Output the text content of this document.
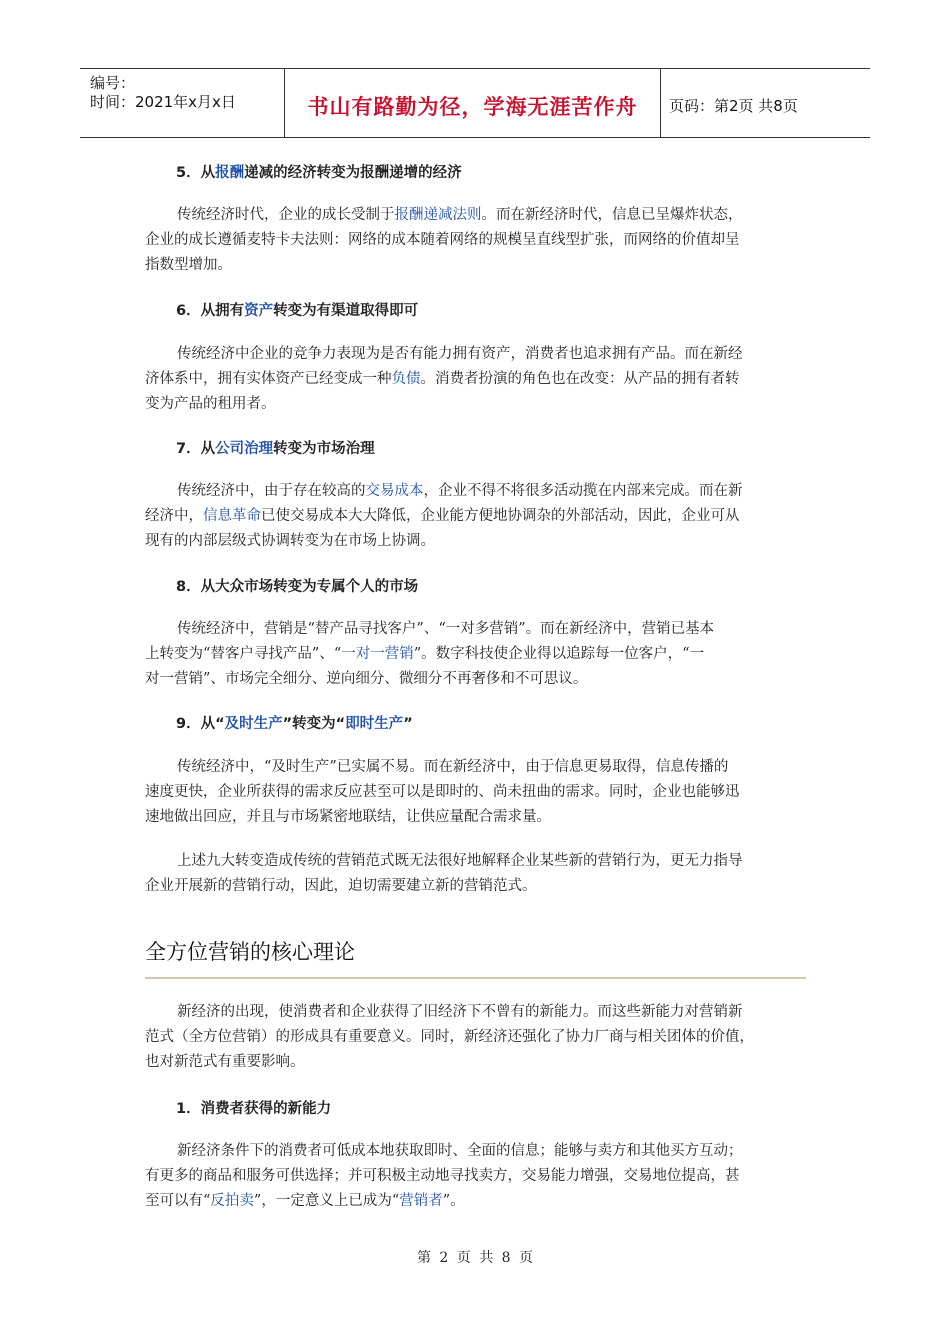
编号：
时间：2021年x月x日	书山有路勤为径，学海无涯苦作舟	页码：第2页 共8页
5．从报酬递减的经济转变为报酬递增的经济
传统经济时代，企业的成长受制于报酬递减法则。而在新经济时代，信息已呈爆炸状态，
企业的成长遵循麦特卡夫法则：网络的成本随着网络的规模呈直线型扩张，而网络的价值却呈
指数型增加。
6．从拥有资产转变为有渠道取得即可
传统经济中企业的竞争力表现为是否有能力拥有资产，消费者也追求拥有产品。而在新经
济体系中，拥有实体资产已经变成一种负债。消费者扮演的角色也在改变：从产品的拥有者转
变为产品的租用者。
7．从公司治理转变为市场治理
传统经济中，由于存在较高的交易成本，企业不得不将很多活动揽在内部来完成。而在新
经济中，信息革命已使交易成本大大降低，企业能方便地协调杂的外部活动，因此，企业可从
现有的内部层级式协调转变为在市场上协调。
8．从大众市场转变为专属个人的市场
传统经济中，营销是“替产品寻找客户”、“一对多营销”。而在新经济中，营销已基本
上转变为“替客户寻找产品”、“一对一营销”。数字科技使企业得以追踪每一位客户，“一
对一营销”、市场完全细分、逆向细分、微细分不再奢侈和不可思议。
9．从“及时生产”转变为“即时生产”
传统经济中，“及时生产”已实属不易。而在新经济中，由于信息更易取得，信息传播的
速度更快，企业所获得的需求反应甚至可以是即时的、尚未扭曲的需求。同时，企业也能够迅
速地做出回应，并且与市场紧密地联结，让供应量配合需求量。
上述九大转变造成传统的营销范式既无法很好地解释企业某些新的营销行为，更无力指导
企业开展新的营销行动，因此，迫切需要建立新的营销范式。
全方位营销的核心理论
新经济的出现，使消费者和企业获得了旧经济下不曾有的新能力。而这些新能力对营销新
范式（全方位营销）的形成具有重要意义。同时，新经济还强化了协力厂商与相关团体的价值，
也对新范式有重要影响。
1．消费者获得的新能力
新经济条件下的消费者可低成本地获取即时、全面的信息；能够与卖方和其他买方互动；
有更多的商品和服务可供选择；并可积极主动地寻找卖方，交易能力增强，交易地位提高，甚
至可以有“反拍卖”，一定意义上已成为“营销者”。
第 2 页 共 8 页
